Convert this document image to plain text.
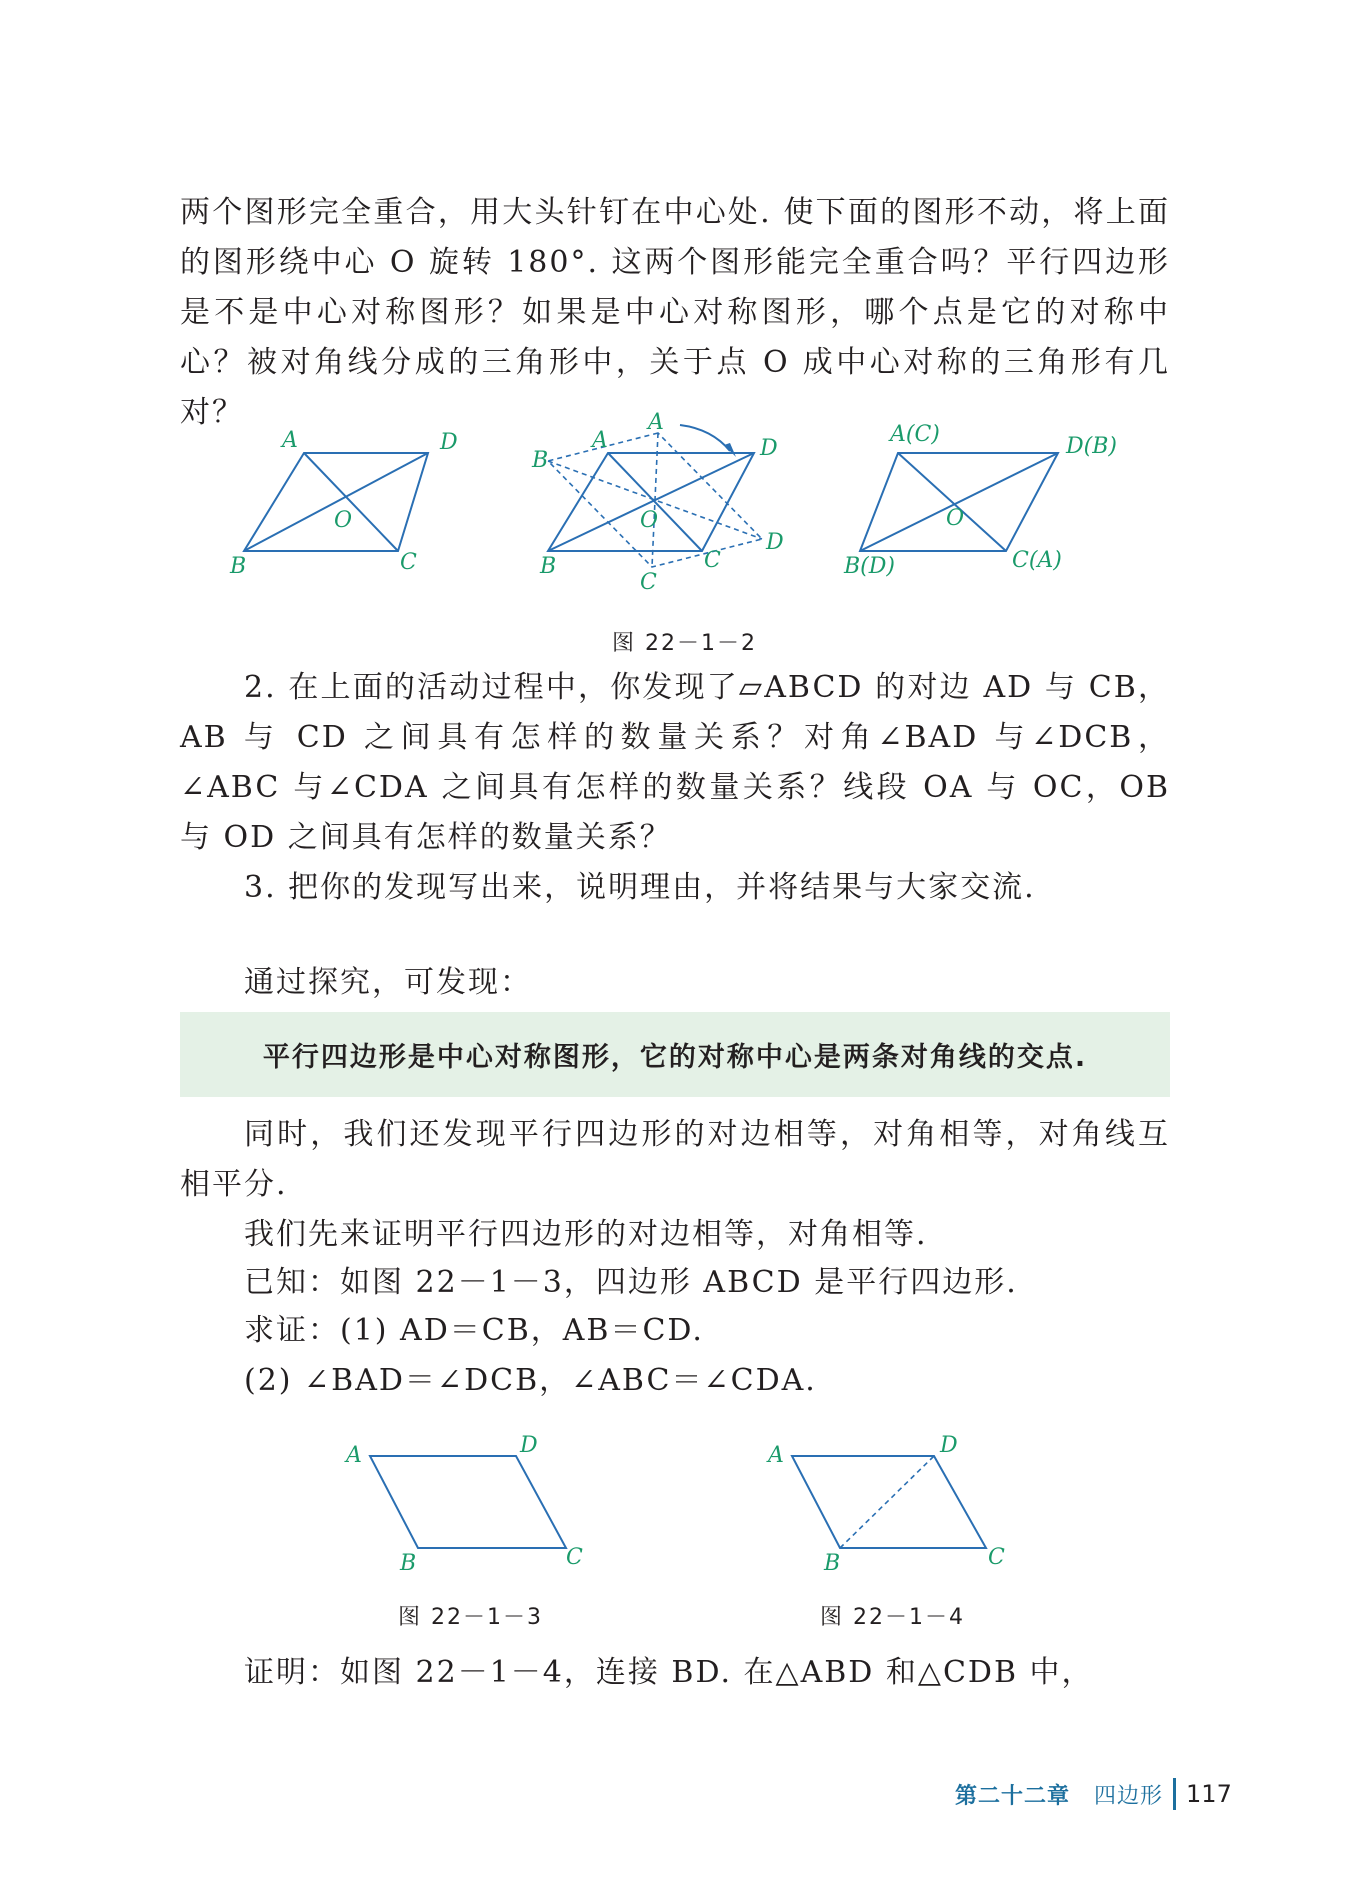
两个图形完全重合，用大头针钉在中心处. 使下面的图形不动，将上面的图形绕中心 O 旋转 180°. 这两个图形能完全重合吗？平行四边形是不是中心对称图形？如果是中心对称图形，哪个点是它的对称中心？被对角线分成的三角形中，关于点 O 成中心对称的三角形有几对？

A	D
B	C
O
A
A
B	D
D
B	C
C
O
A(C)	D(B)
B(D)	C(A)
O
图 22－1－2

2. 在上面的活动过程中，你发现了▱ABCD 的对边 AD 与 CB，AB 与 CD 之间具有怎样的数量关系？对角∠BAD 与∠DCB，∠ABC 与∠CDA 之间具有怎样的数量关系？线段 OA 与 OC，OB 与 OD 之间具有怎样的数量关系？

3. 把你的发现写出来，说明理由，并将结果与大家交流.

通过探究，可发现：

平行四边形是中心对称图形，它的对称中心是两条对角线的交点.

同时，我们还发现平行四边形的对边相等，对角相等，对角线互相平分.

我们先来证明平行四边形的对边相等，对角相等.

已知：如图 22－1－3，四边形 ABCD 是平行四边形.

求证：(1) AD＝CB，AB＝CD.

(2) ∠BAD＝∠DCB，∠ABC＝∠CDA.

A	D
B	C
图 22－1－3
A	D
B	C
图 22－1－4

证明：如图 22－1－4，连接 BD. 在△ABD 和△CDB 中，

第二十二章 四边形 117
